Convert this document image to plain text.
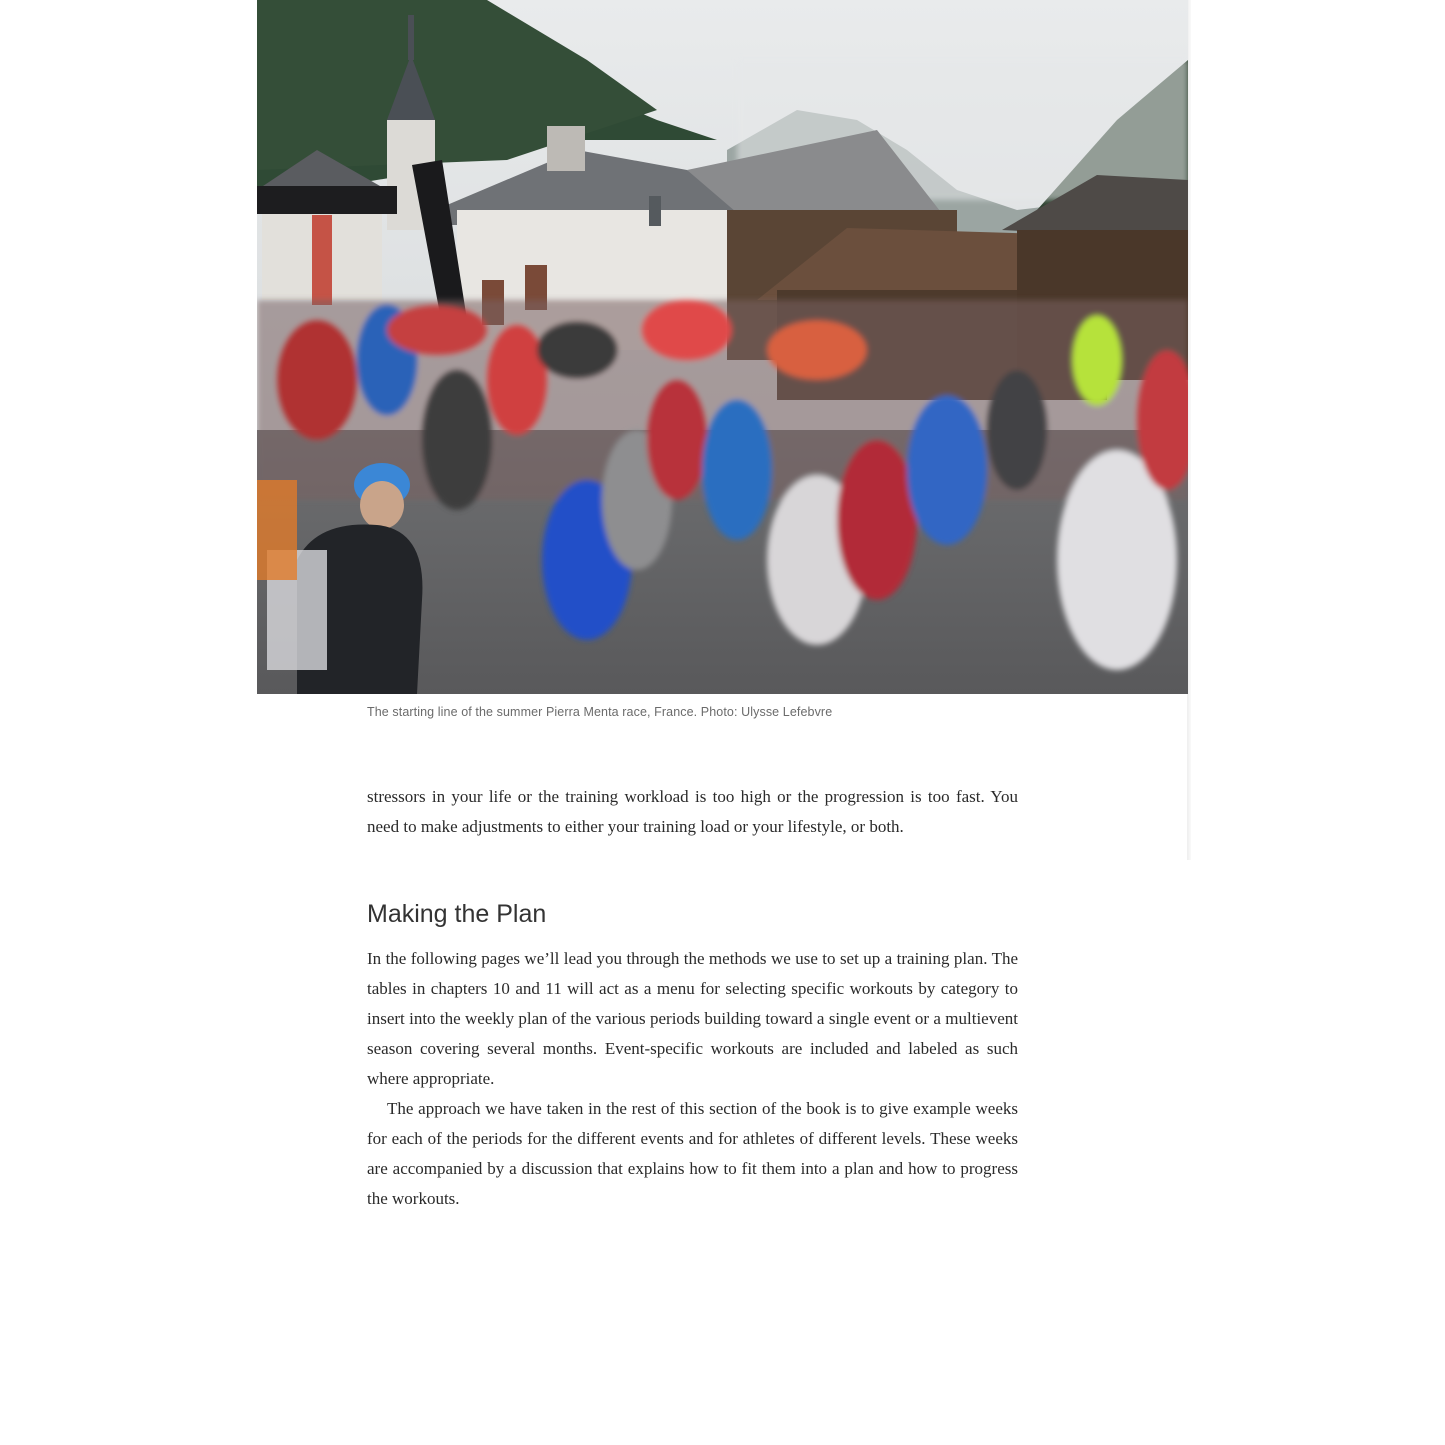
The starting line of the summer Pierra Menta race, France. Photo: Ulysse Lefebvre

stressors in your life or the training workload is too high or the progression is too fast. You need to make adjustments to either your training load or your lifestyle, or both.

Making the Plan

In the following pages we’ll lead you through the methods we use to set up a training plan. The tables in chapters 10 and 11 will act as a menu for selecting specific workouts by category to insert into the weekly plan of the various periods building toward a single event or a multievent season covering several months. Event-specific workouts are included and labeled as such where appropriate.

The approach we have taken in the rest of this section of the book is to give example weeks for each of the periods for the different events and for athletes of different levels. These weeks are accompanied by a discussion that explains how to fit them into a plan and how to progress the workouts.
